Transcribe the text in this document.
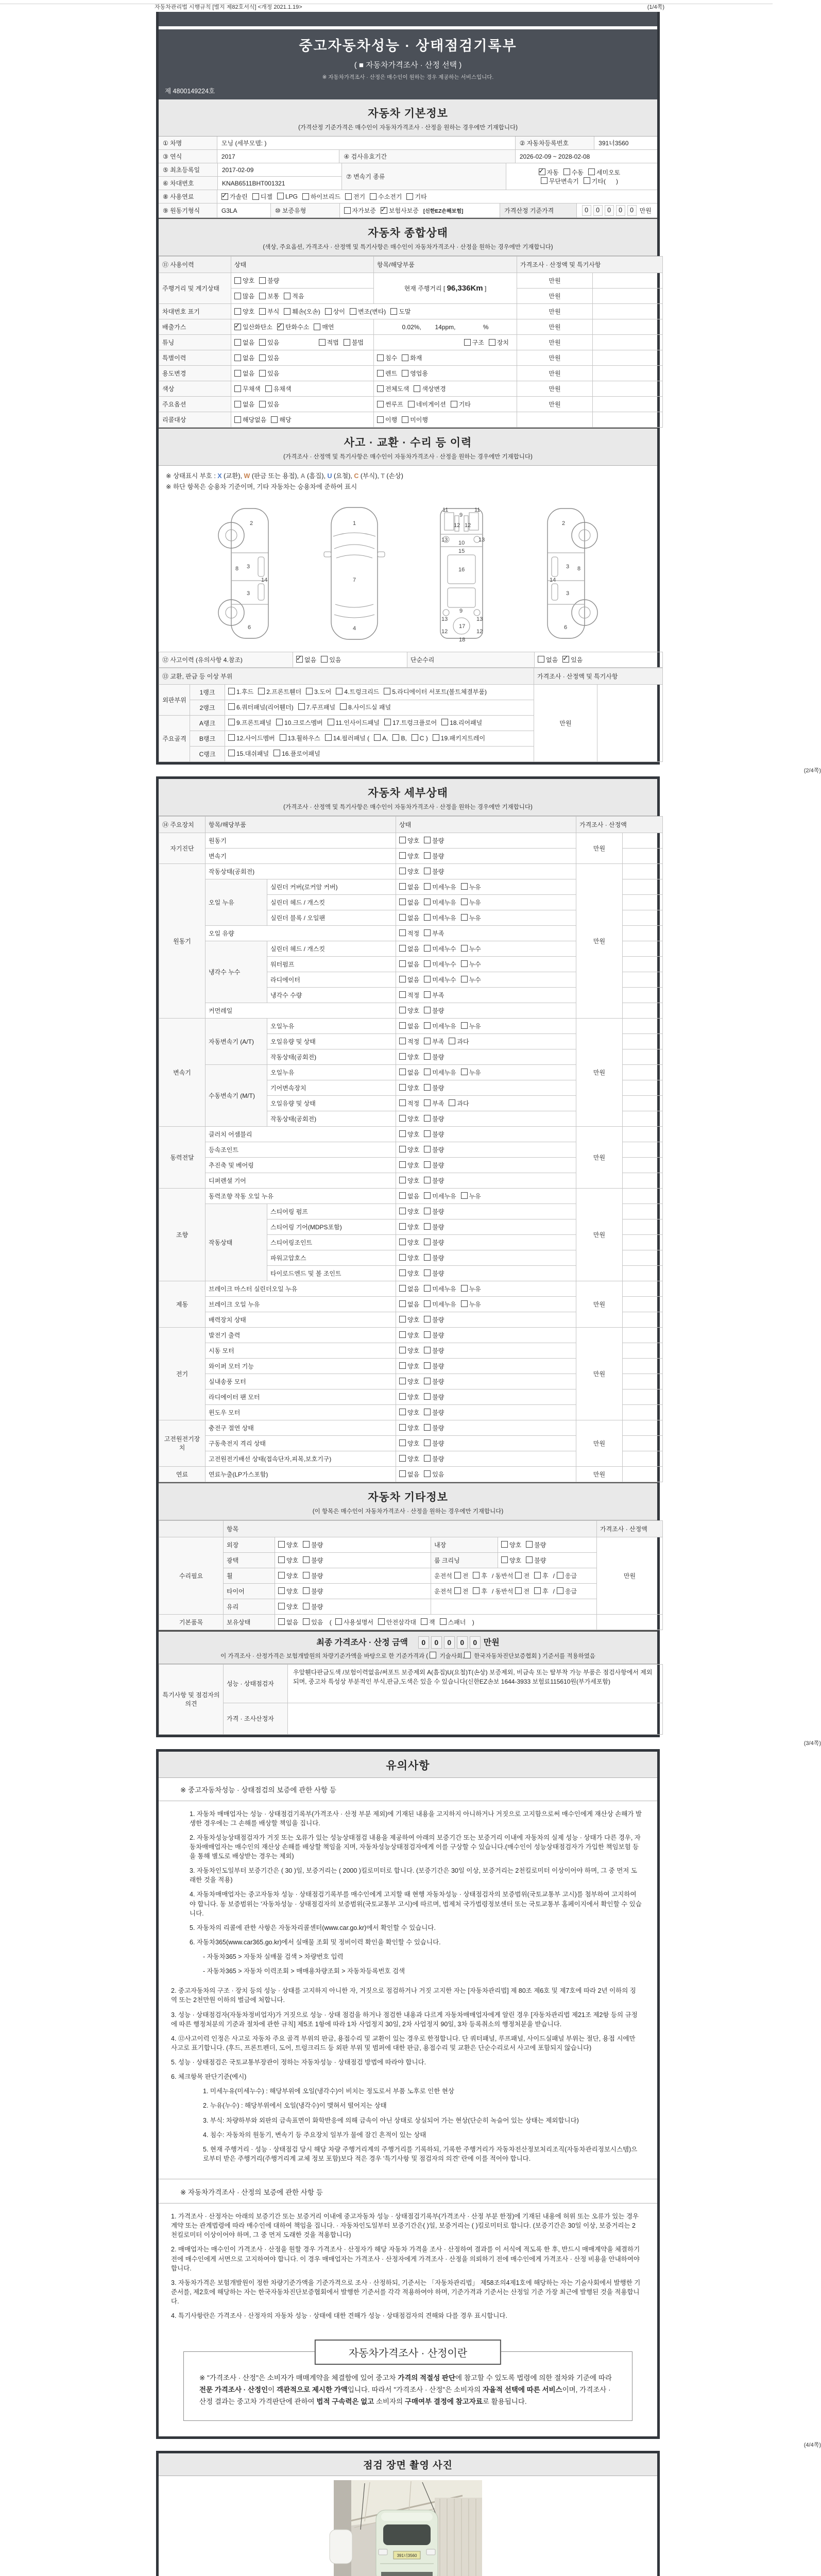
자동차관리법 시행규칙 [별지 제82호서식] <개정 2021.1.19>	(1/4쪽)
중고자동차성능 · 상태점검기록부
( ■ 자동차가격조사 · 산정 선택 )
※ 자동차가격조사 · 산정은 매수인이 원하는 경우 제공하는 서비스입니다.
제 4800149224호
자동차 기본정보
(가격산정 기준가격은 매수인이 자동차가격조사 · 산정을 원하는 경우에만 기재합니다)
① 차명	모닝 (세부모델: )	② 자동차등록번호	391너3560
③ 연식	2017	④ 검사유효기간	2026-02-09 ~ 2028-02-08
⑤ 최초등록일	2017-02-09
⑥ 차대번호	KNAB6511BHT001321
⑦ 변속기 종류
✓자동 수동 세미오토
무단변속기 기타(      )
⑧ 사용연료 ✓	가솔린	디젤	LPG	하이브리드	전기	수소전기	기타
⑨ 원동기형식	G3LA	⑩ 보증유형	자가보증 ✓ 보험사보증 [신한EZ손해보험]	가격산정 기준가격	0	0	0	0	0 만원
자동차 종합상태
(색상, 주요옵션, 가격조사 · 산정액 및 특기사항은 매수인이 자동차가격조사 · 산정을 원하는 경우에만 기재합니다)
⑪ 사용이력	상태	항목/해당부품	가격조사 · 산정액 및 특기사항	
주행거리 및 계기상태	양호 불량	현재 주행거리 [ 96,336Km ]	만원	
	많음 보통 적음		만원	
차대번호 표기	양호 부식 훼손(오손) 상이 변조(변타) 도말		만원	
배출가스	✓일산화탄소 ✓ 탄화수소 매연	0.02%,        14ppm,                %	만원	
튜닝	없음 있음 적법 불법	구조 장치	만원	
특별이력	없음 있음	침수 화재	만원	
용도변경	없음 있음	렌트 영업용	만원	
색상	무채색 유채색	전체도색 색상변경	만원	
주요옵션	없음 있음	썬루프 네비게이션 기타	만원	
리콜대상	해당없음 해당	이행 미이행		
사고 · 교환 · 수리 등 이력
(가격조사 · 산정액 및 특기사항은 매수인이 자동차가격조사 · 산정을 원하는 경우에만 기재합니다)
※ 상태표시 부호 : X (교환), W (판금 또는 용접), A (흠집), U (요철), C (부식), T (손상)
※ 하단 항목은 승용차 기준이며, 기타 자동차는 승용차에 준하여 표시
2
8 3
14
3
6
1
7
4
9
11	11
12 12
13	13
10
15
16
9
13	13
12	12
17
18
2
8
3
14
3
6
⑫ 사고이력 (유의사항 4.참조)	✓없음 있음	단순수리	없음 ✓ 있음
⑬ 교환, 판금 등 이상 부위			가격조사 · 산정액 및 특기사항	
외판부위	1랭크	1.후드 2.프론트휀더 3.도어 4.트렁크리드 5.라디에이터 서포트(볼트체결부품)	만원	
	2랭크	6.쿼터패널(리어휀더) 7.루프패널 8.사이드실 패널		
주요골격	A랭크	9.프론트패널 10.크로스멤버 11.인사이드패널 17.트렁크플로어 18.리어패널		
	B랭크	12.사이드멤버 13.휠하우스 14.필러패널 ( A, B, C ) 19.패키지트레이		
	C랭크	15.대쉬패널 16.플로어패널		
(2/4쪽)
자동차 세부상태
(가격조사 · 산정액 및 특기사항은 매수인이 자동차가격조사 · 산정을 원하는 경우에만 기재합니다)
⑭ 주요장치	항목/해당부품		상태	가격조사 · 산정액	
자기진단	원동기		양호 불량	만원	
	변속기		양호 불량		
원동기	작동상태(공회전)		양호 불량	만원	
	오일 누유	실린더 커버(로커암 커버)	없음 미세누유 누유		
		실린더 헤드 / 개스킷	없음 미세누유 누유		
		실린더 블록 / 오일팬	없음 미세누유 누유		
	오일 유량		적정 부족		
	냉각수 누수	실린더 헤드 / 개스킷	없음 미세누수 누수		
		워터펌프	없음 미세누수 누수		
		라디에이터	없음 미세누수 누수		
		냉각수 수량	적정 부족		
	커먼레일		양호 불량		
변속기	자동변속기 (A/T)	오일누유	없음 미세누유 누유	만원	
		오일유량 및 상태	적정 부족 과다		
		작동상태(공회전)	양호 불량		
	수동변속기 (M/T)	오일누유	없음 미세누유 누유		
		기어변속장치	양호 불량		
		오일유량 및 상태	적정 부족 과다		
		작동상태(공회전)	양호 불량		
동력전달	클러치 어셈블리		양호 불량	만원	
	등속조인트		양호 불량		
	추진축 및 베어링		양호 불량		
	디퍼렌셜 기어		양호 불량		
조향	동력조향 작동 오일 누유		없음 미세누유 누유	만원	
	작동상태	스티어링 펌프	양호 불량		
		스티어링 기어(MDPS포함)	양호 불량		
		스티어링조인트	양호 불량		
		파워고압호스	양호 불량		
		타이로드엔드 및 볼 조인트	양호 불량		
제동	브레이크 마스터 실린더오일 누유		없음 미세누유 누유	만원	
	브레이크 오일 누유		없음 미세누유 누유		
	배력장치 상태		양호 불량		
전기	발전기 출력		양호 불량	만원	
	시동 모터		양호 불량		
	와이퍼 모터 기능		양호 불량		
	실내송풍 모터		양호 불량		
	라디에이터 팬 모터		양호 불량		
	윈도우 모터		양호 불량		
고전원전기장치	충전구 절연 상태		양호 불량	만원	
	구동축전지 격리 상태		양호 불량		
	고전원전기배선 상태(접속단자,피복,보호기구)		양호 불량		
연료	연료누출(LP가스포함)		없음 있음	만원	
자동차 기타정보
(이 항목은 매수인이 자동차가격조사 · 산정을 원하는 경우에만 기재합니다)
	항목				가격조사 · 산정액
수리필요	외장	양호 불량	내장	양호 불량	만원
	광택	양호 불량	룸 크리닝	양호 불량	
	휠	양호 불량	운전석 전 후 / 동반석 전 후 / 응급		
	타이어	양호 불량	운전석 전 후 / 동반석 전 후 / 응급		
	유리	양호 불량			
기본품목	보유상태	없음 있음 ( 사용설명서 안전삼각대 잭 스패너 )			
최종 가격조사 · 산정 금액 0 0 0 0 0 만원
이 가격조사 · 산정가격은 보험개발원의 차량기준가액을 바탕으로 한 기준가격과 (  기술사회, 한국자동차진단보증협회 ) 기준서를 적용하였음
특기사항 및 점검자의 의견	성능 · 상태점검자	우앞휀다판금도색 /보험이력없음/써포트 보증제외 A(흠집)U(요철)T(손상) 보증제외, 비금속 또는 탈부착 가능 부품은 점검사항에서 제외되며, 중고차 특성상 부분적인 부식,판금,도색은 있을 수 있습니다(신한EZ손보 1644-3933 보험료115610원(부가세포함)
	가격 · 조사산정자	
(3/4쪽)
유의사항
※ 중고자동차성능 · 상태점검의 보증에 관한 사항 등
1. 자동차 매매업자는 성능 · 상태점검기록부(가격조사 · 산정 부분 제외)에 기재된 내용을 고지하지 아니하거나 거짓으로 고지함으로써 매수인에게 재산상 손해가 발생한 경우에는 그 손해를 배상할 책임을 집니다.
2. 자동차성능상태점검자가 거짓 또는 오류가 있는 성능상태점검 내용을 제공하여 아래의 보증기간 또는 보증거리 이내에 자동차의 실제 성능 · 상태가 다른 경우, 자동차매매업자는 매수인의 재산상 손해를 배상할 책임을 지며, 자동차성능상태점검자에게 이를 구상할 수 있습니다.(매수인이 성능상태점검자가 가입한 책임보험 등을 통해 별도로 배상받는 경우는 제외)
3. 자동차인도일부터 보증기간은 ( 30 )일, 보증거리는 ( 2000 )킬로미터로 합니다. (보증기간은 30일 이상, 보증거리는 2천킬로미터 이상이어야 하며, 그 중 먼저 도래한 것을 적용)
4. 자동차매매업자는 중고자동차 성능 · 상태점검기록부를 매수인에게 고지할 때 현행 자동차성능 · 상태점검자의 보증범위(국토교통부 고시)를 첨부하여 고지하여야 합니다. 동 보증범위는 '자동차성능 · 상태점검자의 보증범위(국토교통부 고시)에 따르며, 법제처 국가법령정보센터 또는 국토교통부 홈페이지에서 확인할 수 있습니다.
5. 자동차의 리콜에 관한 사항은 자동차리콜센터(www.car.go.kr)에서 확인할 수 있습니다.
6. 자동차365(www.car365.go.kr)에서 실매물 조회 및 정비이력 확인을 확인할 수 있습니다.
- 자동차365 > 자동차 실매물 검색 > 차량번호 입력
- 자동차365 > 자동차 이력조회 > 매매용차량조회 > 자동차등록번호 검색
2. 중고자동차의 구조 · 장치 등의 성능 · 상태를 고지하지 아니한 자, 거짓으로 점검하거나 거짓 고지한 자는 [자동차관리법] 제 80조 제6호 및 제7호에 따라 2년 이하의 징역 또는 2천만원 이하의 벌금에 처합니다.
3. 성능 · 상태점검자(자동차정비업자)가 거짓으로 성능 · 상태 점검을 하거나 점검한 내용과 다르게 자동차매매업자에게 알린 경우 [자동차관리법 제21조 제2항 등의 규정에 따른 행정처분의 기준과 절차에 관한 규칙] 제5조 1항에 따라 1차 사업정지 30일, 2차 사업정지 90일, 3차 등록취소의 행정처분을 받습니다.
4. ⑫사고이력 인정은 사고로 자동차 주요 골격 부위의 판금, 용접수리 및 교환이 있는 경우로 한정합니다. 단 쿼터패널, 루프패널, 사이드실패널 부위는 절단, 용접 시에만 사고로 표기합니다. (후드, 프론트펜더, 도어, 트렁크리드 등 외판 부위 및 범퍼에 대한 판금, 용접수리 및 교환은 단순수리로서 사고에 포함되지 않습니다)
5. 성능 · 상태점검은 국토교통부장관이 정하는 자동차성능 · 상태점검 방법에 따라야 합니다.
6. 체크항목 판단기준(예시)
1. 미세누유(미세누수) : 해당부위에 오일(냉각수)이 비치는 정도로서 부품 노후로 인한 현상
2. 누유(누수) : 해당부위에서 오일(냉각수)이 맺혀서 떨어지는 상태
3. 부식: 차량하부와 외판의 금속표면이 화학반응에 의해 금속이 아닌 상태로 상실되어 가는 현상(단순히 녹슬어 있는 상태는 제외합니다)
4. 침수: 자동차의 원동기, 변속기 등 주요장치 일부가 물에 잠긴 흔적이 있는 상태
5. 현재 주행거리 · 성능 · 상태점검 당시 해당 차량 주행거리계의 주행거리를 기록하되, 기록한 주행거리가 자동차전산정보처리조직(자동차관리정보시스템)으로부터 받은 주행거리(주행거리계 교체 정보 포함)보다 적은 경우 '특기사항 및 점검자의 의견' 란에 이를 적어야 합니다.
※ 자동차가격조사 · 산정의 보증에 관한 사항 등
1. 가격조사 · 산정자는 아래의 보증기간 또는 보증거리 이내에 중고자동차 성능 · 상태점검기록부(가격조사 · 산정 부분 한정)에 기재된 내용에 허위 또는 오류가 있는 경우 계약 또는 관계법령에 따라 매수인에 대하여 책임을 집니다. · 자동차인도일부터 보증기간은( )일, 보증거리는 ( )킬로미터로 합니다. (보증기간은 30일 이상, 보증거리는 2천킬로미터 이상이어야 하며, 그 중 먼저 도래한 것을 적용합니다)
2. 매매업자는 매수인이 가격조사 · 산정을 원할 경우 가격조사 · 산정자가 해당 자동차 가격을 조사 · 산정하여 결과를 이 서식에 적도록 한 후, 반드시 매매계약을 체결하기 전에 매수인에게 서면으로 고지하여야 합니다. 이 경우 매매업자는 가격조사 · 산정자에게 가격조사 · 산정을 의뢰하기 전에 매수인에게 가격조사 · 산정 비용을 안내하여야 합니다.
3. 자동차가격은 보험개발원이 정한 차량기준가액을 기준가격으로 조사 · 산정하되, 기준서는 「자동차관리법」 제58조의4제1호에 해당하는 자는 기술사회에서 발행한 기준서를, 제2호에 해당하는 자는 한국자동차진단보증협회에서 발행한 기준서를 각각 적용하여야 하며, 기준가격과 기준서는 산정일 기준 가장 최근에 발행된 것을 적용합니다.
4. 특기사항란은 가격조사 · 산정자의 자동차 성능 · 상태에 대한 견해가 성능 · 상태점검자의 견해와 다를 경우 표시합니다.
자동차가격조사 · 산정이란

※ "가격조사 · 산정"은 소비자가 매매계약을 체결함에 있어 중고차 가격의 적절성 판단에 참고할 수 있도록 법령에 의한 절차와 기준에 따라 전문 가격조사 · 산정인이 객관적으로 제시한 가액입니다. 따라서 "가격조사 · 산정"은 소비자의 자율적 선택에 따른 서비스이며, 가격조사 · 산정 결과는 중고차 가격판단에 관하여 법적 구속력은 없고 소비자의 구매여부 결정에 참고자료로 활용됩니다.

(4/4쪽)
점검 장면 촬영 사진
391너3560
